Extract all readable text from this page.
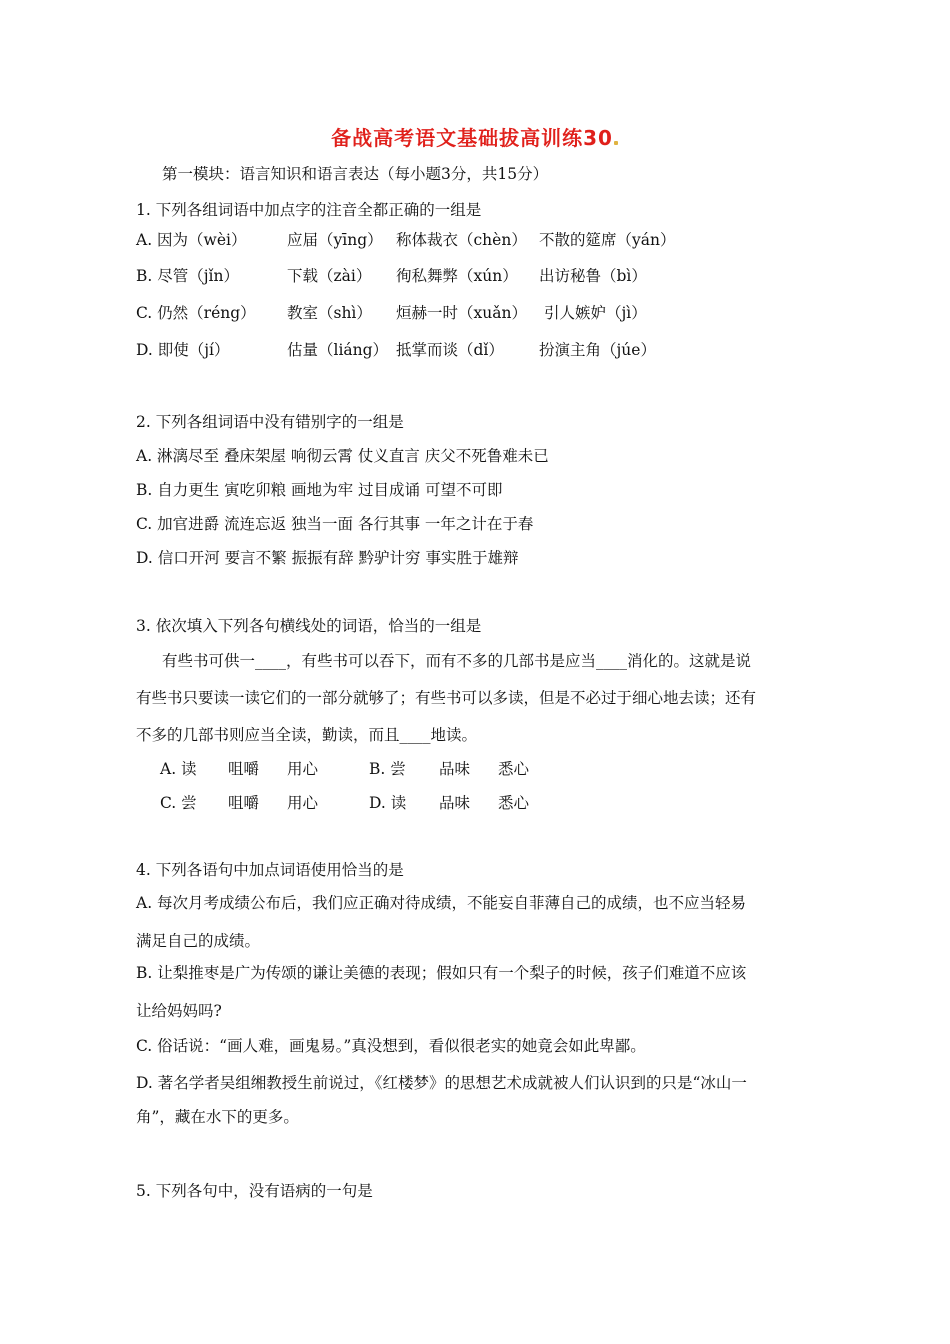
备战高考语文基础拔高训练30
第一模块：语言知识和语言表达（每小题3分，共15分）
1. 下列各组词语中加点字的注音全都正确的一组是
A. 因为（wèi）	应届（yīng） 称体裁衣（chèn） 不散的筵席（yán）
B. 尽管（jǐn）	下载（zài） 徇私舞弊（xún） 出访秘鲁（bì）
C. 仍然（réng） 教室（shì） 烜赫一时（xuǎn） 引人嫉妒（jì）
D. 即使（jí）	估量（liáng） 抵掌而谈（dǐ） 扮演主角（júe）
2. 下列各组词语中没有错别字的一组是
A. 淋漓尽至 叠床架屋 响彻云霄 仗义直言 庆父不死鲁难未已
B. 自力更生 寅吃卯粮 画地为牢 过目成诵 可望不可即
C. 加官进爵 流连忘返 独当一面 各行其事 一年之计在于春
D. 信口开河 要言不繁 振振有辞 黔驴计穷 事实胜于雄辩
3. 依次填入下列各句横线处的词语，恰当的一组是
有些书可供一____，有些书可以吞下，而有不多的几部书是应当____消化的。这就是说
有些书只要读一读它们的一部分就够了；有些书可以多读，但是不必过于细心地去读；还有
不多的几部书则应当全读，勤读，而且____地读。
A. 读 咀嚼 用心	B. 尝 品味 悉心
C. 尝 咀嚼 用心	D. 读 品味 悉心
4. 下列各语句中加点词语使用恰当的是
A. 每次月考成绩公布后，我们应正确对待成绩，不能妄自菲薄自己的成绩，也不应当轻易
满足自己的成绩。
B. 让梨推枣是广为传颂的谦让美德的表现；假如只有一个梨子的时候，孩子们难道不应该
让给妈妈吗?
C. 俗话说：“画人难，画鬼易。”真没想到，看似很老实的她竟会如此卑鄙。
D. 著名学者吴组缃教授生前说过，《红楼梦》的思想艺术成就被人们认识到的只是“冰山一
角”，藏在水下的更多。
5. 下列各句中，没有语病的一句是
